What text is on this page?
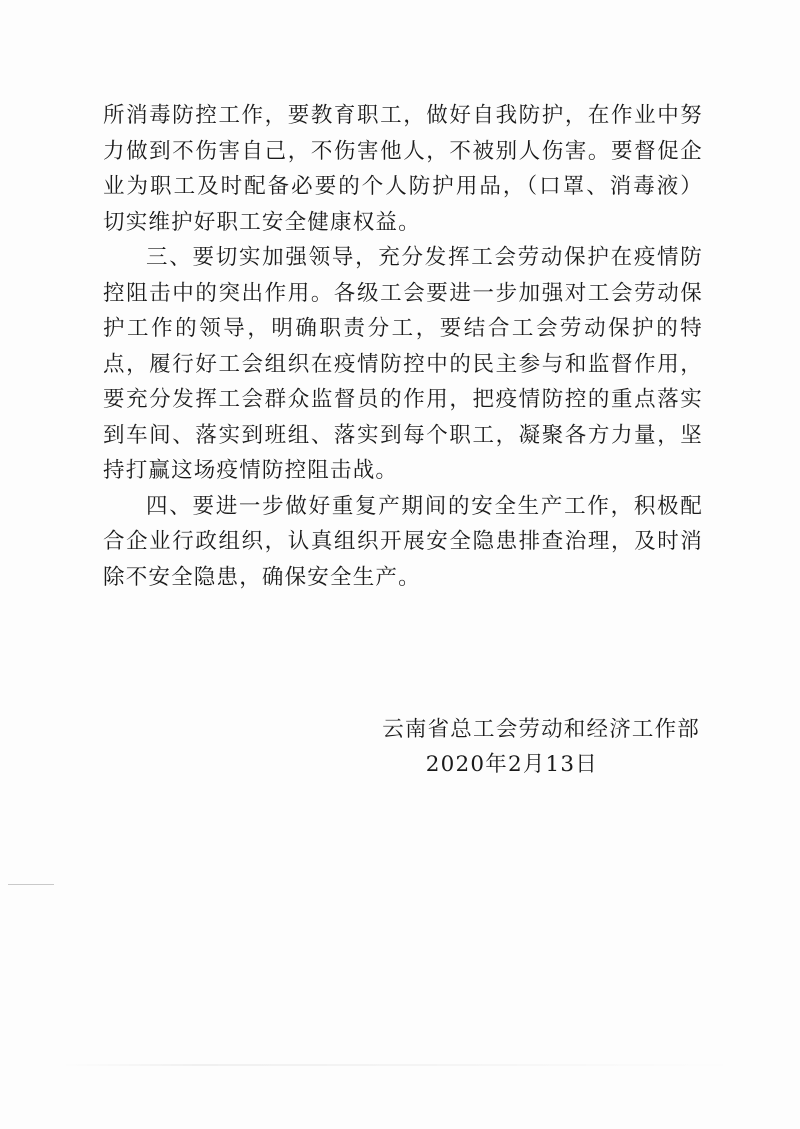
所消毒防控工作，要教育职工，做好自我防护，在作业中努力做到不伤害自己，不伤害他人，不被别人伤害。要督促企业为职工及时配备必要的个人防护用品，（口罩、消毒液）切实维护好职工安全健康权益。

三、要切实加强领导，充分发挥工会劳动保护在疫情防控阻击中的突出作用。各级工会要进一步加强对工会劳动保护工作的领导，明确职责分工，要结合工会劳动保护的特点，履行好工会组织在疫情防控中的民主参与和监督作用，要充分发挥工会群众监督员的作用，把疫情防控的重点落实到车间、落实到班组、落实到每个职工，凝聚各方力量，坚持打赢这场疫情防控阻击战。

四、要进一步做好重复产期间的安全生产工作，积极配合企业行政组织，认真组织开展安全隐患排查治理，及时消除不安全隐患，确保安全生产。

云南省总工会劳动和经济工作部
2020年2月13日
